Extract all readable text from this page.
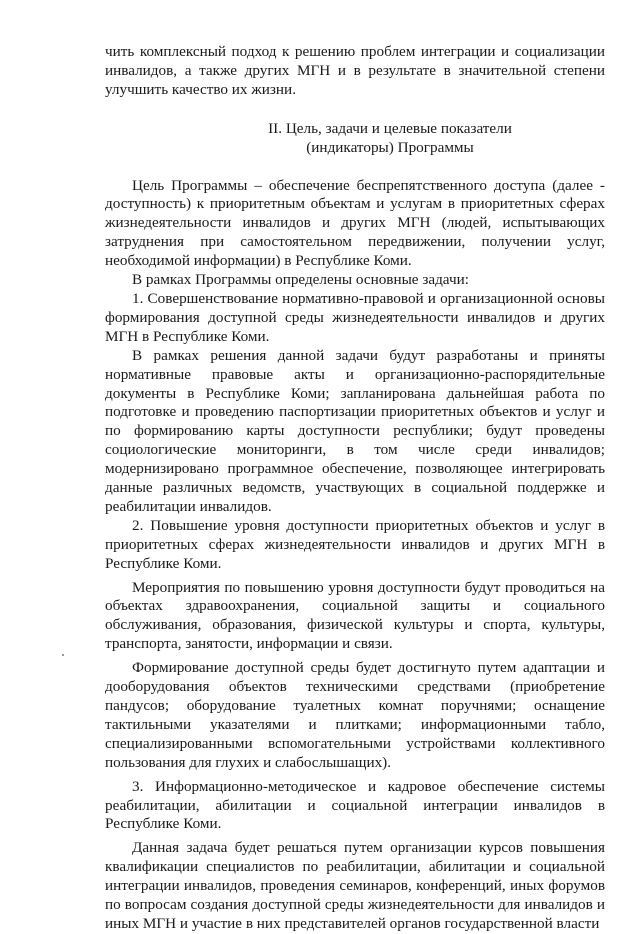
чить комплексный подход к решению проблем интеграции и социализации инвалидов, а также других МГН и в результате в значительной степени улучшить качество их жизни.

II. Цель, задачи и целевые показатели

(индикаторы) Программы

Цель Программы – обеспечение беспрепятственного доступа (далее - доступность) к приоритетным объектам и услугам в приоритетных сферах жизнедеятельности инвалидов и других МГН (людей, испытывающих затруднения при самостоятельном передвижении, получении услуг, необходимой информации) в Республике Коми.

В рамках Программы определены основные задачи:

1. Совершенствование нормативно-правовой и организационной основы формирования доступной среды жизнедеятельности инвалидов и других МГН в Республике Коми.

В рамках решения данной задачи будут разработаны и приняты нормативные правовые акты и организационно-распорядительные документы в Республике Коми; запланирована дальнейшая работа по подготовке и проведению паспортизации приоритетных объектов и услуг и по формированию карты доступности республики; будут проведены социологические мониторинги, в том числе среди инвалидов; модернизировано программное обеспечение, позволяющее интегрировать данные различных ведомств, участвующих в социальной поддержке и реабилитации инвалидов.

2. Повышение уровня доступности приоритетных объектов и услуг в приоритетных сферах жизнедеятельности инвалидов и других МГН в Республике Коми.

Мероприятия по повышению уровня доступности будут проводиться на объектах здравоохранения, социальной защиты и социального обслуживания, образования, физической культуры и спорта, культуры, транспорта, занятости, информации и связи.

Формирование доступной среды будет достигнуто путем адаптации и дооборудования объектов техническими средствами (приобретение пандусов; оборудование туалетных комнат поручнями; оснащение тактильными указателями и плитками; информационными табло, специализированными вспомогательными устройствами коллективного пользования для глухих и слабослышащих).

3. Информационно-методическое и кадровое обеспечение системы реабилитации, абилитации и социальной интеграции инвалидов в Республике Коми.

Данная задача будет решаться путем организации курсов повышения квалификации специалистов по реабилитации, абилитации и социальной интеграции инвалидов, проведения семинаров, конференций, иных форумов по вопросам создания доступной среды жизнедеятельности для инвалидов и иных МГН и участие в них представителей органов государственной власти
